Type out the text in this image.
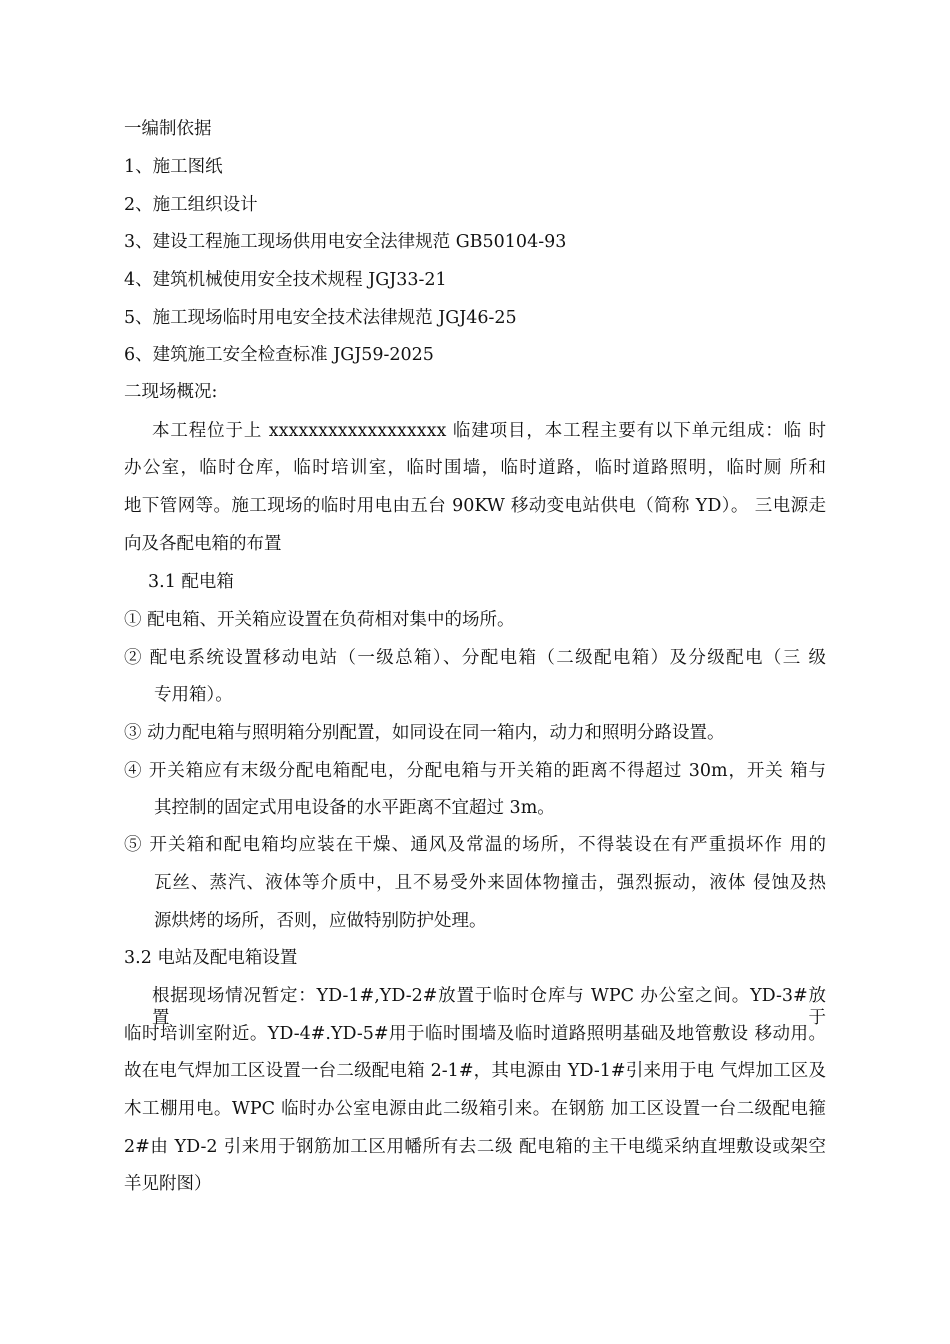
一编制依据
1、施工图纸
2、施工组织设计
3、建设工程施工现场供用电安全法律规范 GB50104-93
4、建筑机械使用安全技术规程 JGJ33-21
5、施工现场临时用电安全技术法律规范 JGJ46-25
6、建筑施工安全检查标准 JGJ59-2025
二现场概况:
本工程位于上 xxxxxxxxxxxxxxxxxx 临建项目，本工程主要有以下单元组成：临 时
办公室，临时仓库，临时培训室，临时围墙，临时道路，临时道路照明，临时厕 所和
地下管网等。施工现场的临时用电由五台 90KW 移动变电站供电（简称 YD）。 三电源走
向及各配电箱的布置
3.1 配电箱
① 配电箱、开关箱应设置在负荷相对集中的场所。
② 配电系统设置移动电站（一级总箱）、分配电箱（二级配电箱）及分级配电（三 级
专用箱）。
③ 动力配电箱与照明箱分别配置，如同设在同一箱内，动力和照明分路设置。
④ 开关箱应有末级分配电箱配电，分配电箱与开关箱的距离不得超过 30m，开关 箱与
其控制的固定式用电设备的水平距离不宜超过 3m。
⑤ 开关箱和配电箱均应装在干燥、通风及常温的场所，不得装设在有严重损坏作 用的
瓦丝、蒸汽、液体等介质中，且不易受外来固体物撞击，强烈振动，液体 侵蚀及热
源烘烤的场所，否则，应做特别防护处理。
3.2 电站及配电箱设置
根据现场情况暂定：YD-1#,YD-2#放置于临时仓库与 WPC 办公室之间。YD-3#放 置于
临时培训室附近。YD-4#.YD-5#用于临时围墙及临时道路照明基础及地管敷设 移动用。
故在电气焊加工区设置一台二级配电箱 2-1#，其电源由 YD-1#引来用于电 气焊加工区及
木工棚用电。WPC 临时办公室电源由此二级箱引来。在钢筋 加工区设置一台二级配电箍
2#由 YD-2 引来用于钢筋加工区用幡所有去二级 配电箱的主干电缆采纳直埋敷设或架空
羊见附图）
